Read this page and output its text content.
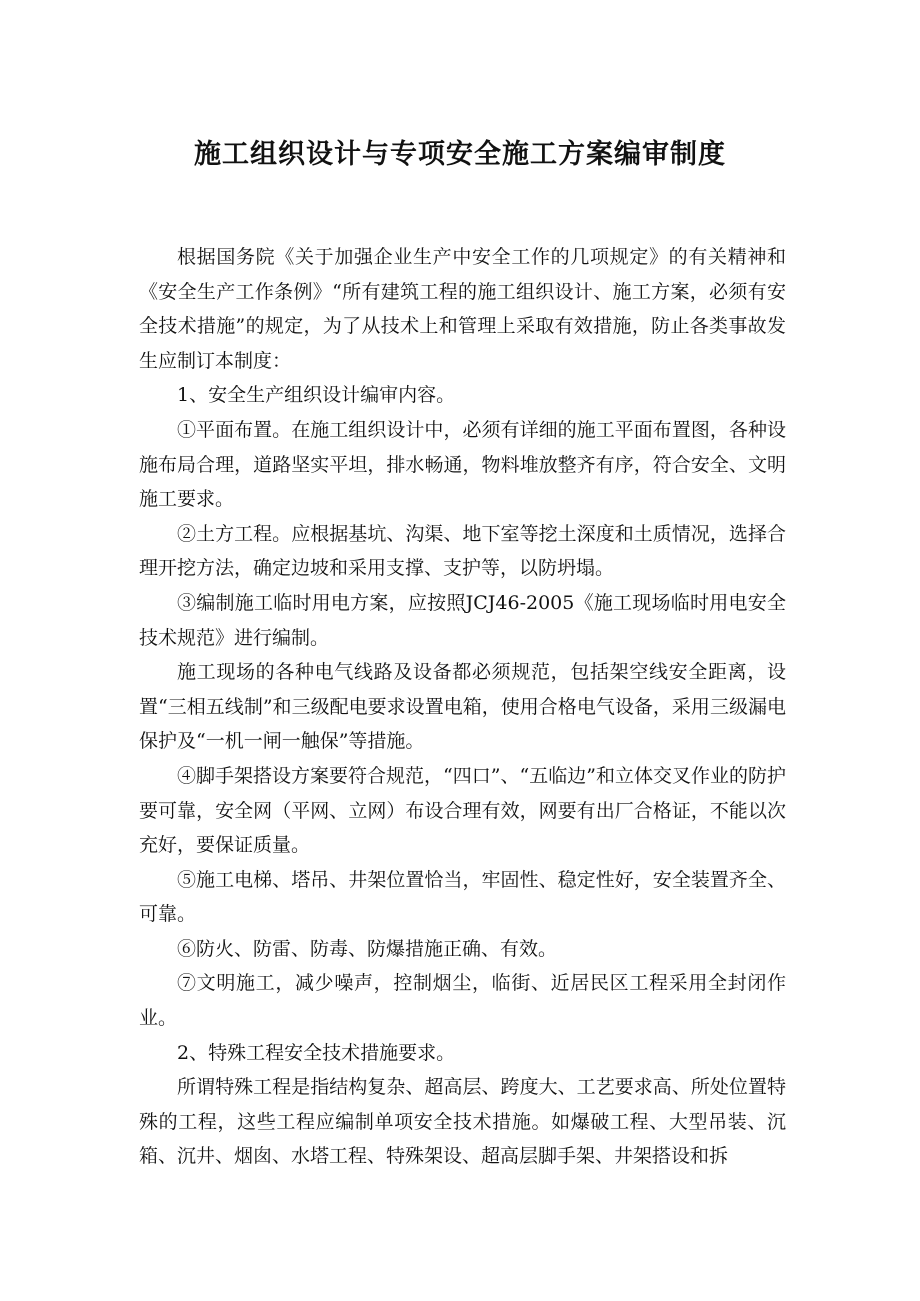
施工组织设计与专项安全施工方案编审制度

根据国务院《关于加强企业生产中安全工作的几项规定》的有关精神和《安全生产工作条例》“所有建筑工程的施工组织设计、施工方案，必须有安全技术措施”的规定，为了从技术上和管理上采取有效措施，防止各类事故发生应制订本制度：

1、安全生产组织设计编审内容。

①平面布置。在施工组织设计中，必须有详细的施工平面布置图，各种设施布局合理，道路坚实平坦，排水畅通，物料堆放整齐有序，符合安全、文明施工要求。

②土方工程。应根据基坑、沟渠、地下室等挖土深度和土质情况，选择合理开挖方法，确定边坡和采用支撑、支护等，以防坍塌。

③编制施工临时用电方案，应按照JCJ46-2005《施工现场临时用电安全技术规范》进行编制。

施工现场的各种电气线路及设备都必须规范，包括架空线安全距离，设置“三相五线制”和三级配电要求设置电箱，使用合格电气设备，采用三级漏电保护及“一机一闸一触保”等措施。

④脚手架搭设方案要符合规范，“四口”、“五临边”和立体交叉作业的防护要可靠，安全网（平网、立网）布设合理有效，网要有出厂合格证，不能以次充好，要保证质量。

⑤施工电梯、塔吊、井架位置恰当，牢固性、稳定性好，安全装置齐全、可靠。

⑥防火、防雷、防毒、防爆措施正确、有效。

⑦文明施工，减少噪声，控制烟尘，临街、近居民区工程采用全封闭作业。

2、特殊工程安全技术措施要求。

所谓特殊工程是指结构复杂、超高层、跨度大、工艺要求高、所处位置特殊的工程，这些工程应编制单项安全技术措施。如爆破工程、大型吊装、沉箱、沉井、烟囱、水塔工程、特殊架设、超高层脚手架、井架搭设和拆
